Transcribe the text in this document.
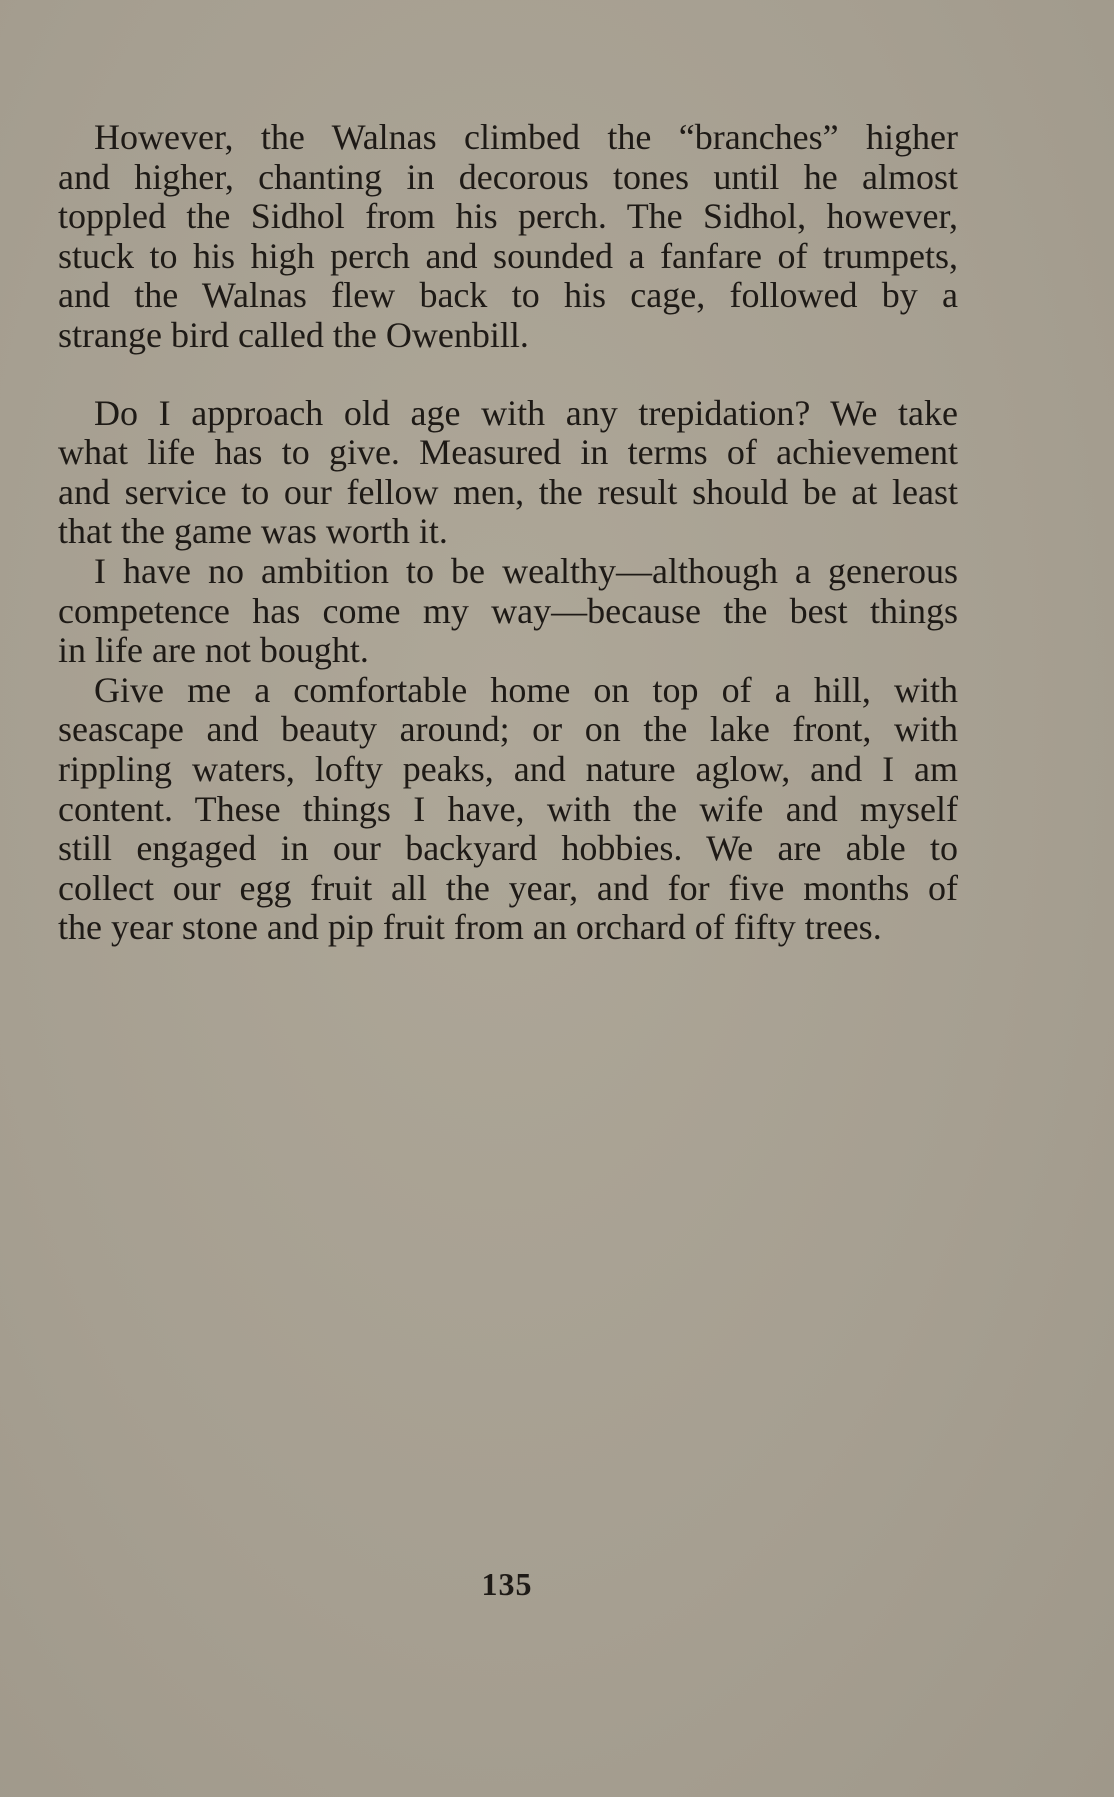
However, the Walnas climbed the “branches” higher
and higher, chanting in decorous tones until he almost
toppled the Sidhol from his perch. The Sidhol, however,
stuck to his high perch and sounded a fanfare of trumpets,
and the Walnas flew back to his cage, followed by a
strange bird called the Owenbill.
Do I approach old age with any trepidation? We take
what life has to give. Measured in terms of achievement
and service to our fellow men, the result should be at least
that the game was worth it.
I have no ambition to be wealthy—although a generous
competence has come my way—because the best things
in life are not bought.
Give me a comfortable home on top of a hill, with
seascape and beauty around; or on the lake front, with
rippling waters, lofty peaks, and nature aglow, and I am
content. These things I have, with the wife and myself
still engaged in our backyard hobbies. We are able to
collect our egg fruit all the year, and for five months of
the year stone and pip fruit from an orchard of fifty trees.
135
